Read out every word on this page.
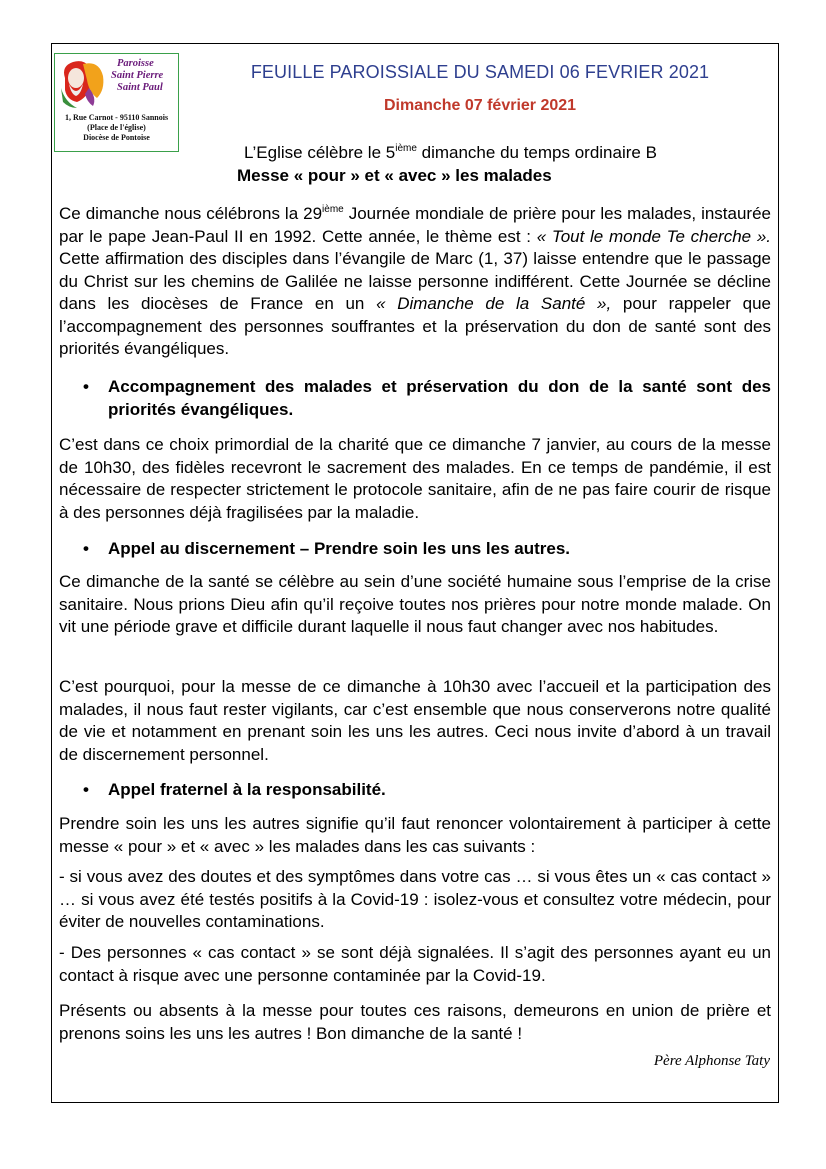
Paroisse
Saint Pierre
Saint Paul
1, Rue Carnot - 95110 Sannois
(Place de l'église)
Diocèse de Pontoise
FEUILLE PAROISSIALE DU SAMEDI 06 FEVRIER 2021
Dimanche 07 février 2021
L’Eglise célèbre le 5ième dimanche du temps ordinaire B
Messe « pour » et « avec » les malades

Ce dimanche nous célébrons la 29ième Journée mondiale de prière pour les malades, instaurée par le pape Jean-Paul II en 1992. Cette année, le thème est : « Tout le monde Te cherche ». Cette affirmation des disciples dans l’évangile de Marc (1, 37) laisse entendre que le passage du Christ sur les chemins de Galilée ne laisse personne indifférent. Cette Journée se décline dans les diocèses de France en un « Dimanche de la Santé », pour rappeler que l’accompagnement des personnes souffrantes et la préservation du don de santé sont des priorités évangéliques.

• Accompagnement des malades et préservation du don de la santé sont des priorités évangéliques.

C’est dans ce choix primordial de la charité que ce dimanche 7 janvier, au cours de la messe de 10h30, des fidèles recevront le sacrement des malades. En ce temps de pandémie, il est nécessaire de respecter strictement le protocole sanitaire, afin de ne pas faire courir de risque à des personnes déjà fragilisées par la maladie.

• Appel au discernement – Prendre soin les uns les autres.

Ce dimanche de la santé se célèbre au sein d’une société humaine sous l’emprise de la crise sanitaire. Nous prions Dieu afin qu’il reçoive toutes nos prières pour notre monde malade. On vit une période grave et difficile durant laquelle il nous faut changer avec nos habitudes.

C’est pourquoi, pour la messe de ce dimanche à 10h30 avec l’accueil et la participation des malades, il nous faut rester vigilants, car c’est ensemble que nous conserverons notre qualité de vie et notamment en prenant soin les uns les autres. Ceci nous invite d’abord à un travail de discernement personnel.

• Appel fraternel à la responsabilité.

Prendre soin les uns les autres signifie qu’il faut renoncer volontairement à participer à cette messe « pour » et « avec » les malades dans les cas suivants :

- si vous avez des doutes et des symptômes dans votre cas … si vous êtes un « cas contact » … si vous avez été testés positifs à la Covid-19 : isolez-vous et consultez votre médecin, pour éviter de nouvelles contaminations.

- Des personnes « cas contact » se sont déjà signalées. Il s’agit des personnes ayant eu un contact à risque avec une personne contaminée par la Covid-19.

Présents ou absents à la messe pour toutes ces raisons, demeurons en union de prière et prenons soins les uns les autres ! Bon dimanche de la santé !

Père Alphonse Taty
